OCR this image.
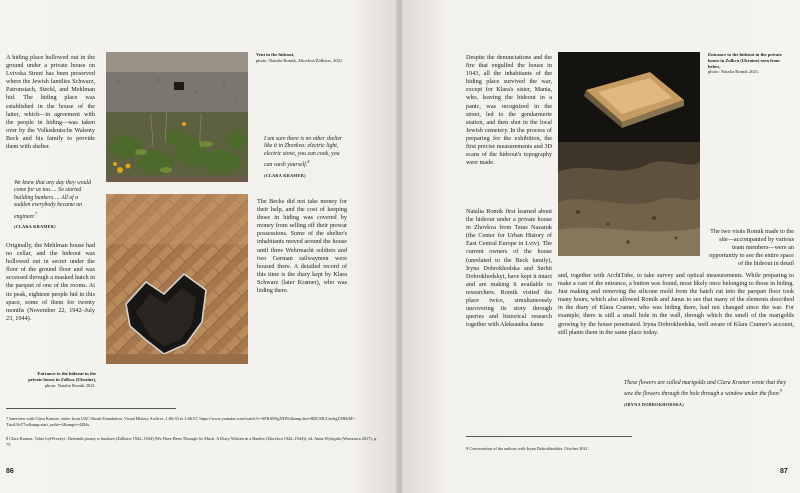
A hiding place hollowed out in the ground under a private house on Lvivska Street has been preserved where the Jewish families Schwarz, Patronstach, Steckl, and Mehlman hid. The hiding place was established in the house of the latter, which—in agreement with the people in hiding—was taken over by the Volksdeutsche Walenty Beck and his family to provide them with shelter.
We knew that any day they would come for us too…. So started building bunkers…. All of a sudden everybody became an engineer.$^7$
(CLARA KRAMER)
Originally, the Mehlman house had no cellar, and the hideout was hollowed out in secret under the floor of the ground floor and was accessed through a masked hatch in the parquet of one of the rooms. At its peak, eighteen people hid in this space, some of them for twenty months (November 22, 1942–July 23, 1944).
Vent in the hideout,
photo: Natalia Romik, Zhovkva/Żółkiew, 2021
I am sure there is no other shelter like it in Zhovkva: electric light, electric stove, you can cook, you can wash yourself.$^8$
(CLARA KRAMER)
The Becks did not take money for their help, and the cost of keeping those in hiding was covered by money from selling off their prewar possessions. Some of the shelter's inhabitants moved around the house until three Wehrmacht soldiers and two German railwaymen were housed there. A detailed record of this time is the diary kept by Klara Schwarz (later Kramer), who was hiding there.
Entrance to the hideout in the private house in Zolkva (Ukraine),
photo: Natalia Romik 2021.
7 Interview with Clara Kramer, video from USC Shoah Foundation, Visual History Archive, 1:06:33 to 1:06:57, https://www.youtube.com/watch?v=SFKS5NgNDNc&amp;list=RDCMUCnvbgT0R9rM--TiaoL9oT7w&amp;start_radio=1&amp;t=4284s.
8 Clara Kramer, Tobie był Przeżyć. Dziennik pisany w bunkrze (Żółkiew 1942–1944) [We Have Been Through So Much. A Diary Written in a Bunker (Zhovkva 1942–1944)], ed. Anna Wylegała (Warszawa 2017), p. 75.
86
Despite the denunciations and the fire that engulfed the house in 1943, all the inhabitants of the hiding place survived the war, except for Klara's sister, Mania, who, leaving the hideout in a panic, was recognized in the street, led to the gendarmerie station, and then shot in the local Jewish cemetery. In the process of preparing for the exhibition, the first precise measurements and 3D scans of the hideout's topography were made.
Natalia Romik first learned about the hideout under a private house in Zhovkva from Taras Nazaruk (the Center for Urban History of East Central Europe in Lviv). The current owners of the house (unrelated to the Beck family), Iryna Dobrokhodska and Serhii Dobrokhodskyi, have kept it intact and are making it available to researchers. Romik visited the place twice, simultaneously uncovering its story through queries and historical research together with Aleksandra Janus
Entrance to the hideout in the private house in Zolkva (Ukraine) seen from below,
photo: Natalia Romik 2021.
The two visits Romik made to the site—accompanied by various team members—were an opportunity to see the entire space of the hideout in detail
and, together with ArchiTube, to take survey and optical measurements. While preparing to make a cast of the entrance, a button was found, most likely once belonging to those in hiding. Just making and removing the silicone mold from the hatch cut into the parquet floor took many hours, which also allowed Romik and Janus to see that many of the elements described in the diary of Klara Cramer, who was hiding there, had not changed since the war. For example, there is still a small hole in the wall, through which the smell of the marigolds growing by the house penetrated. Iryna Dobrokhodska, well aware of Klara Cramer's account, still plants them in the same place today.
These flowers are called marigolds and Clara Kramer wrote that they saw the flowers through the hole through a window under the floor.$^9$
(IRYNA DOBROKHODSKA)
9 Conversation of the authors with Iryna Dobrokhodska, October 2021.
87
